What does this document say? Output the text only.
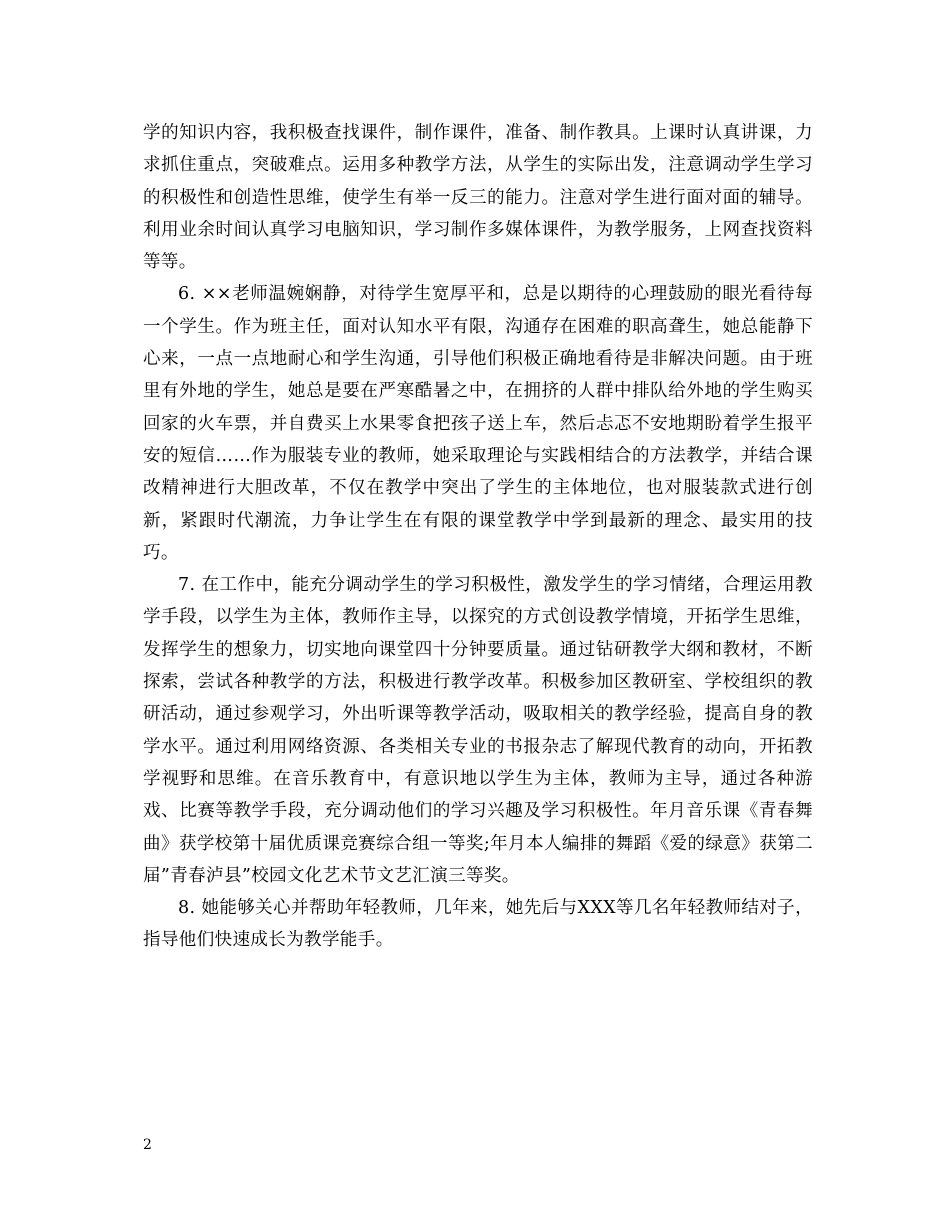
学的知识内容，我积极查找课件，制作课件，准备、制作教具。上课时认真讲课，力求抓住重点，突破难点。运用多种教学方法，从学生的实际出发，注意调动学生学习的积极性和创造性思维，使学生有举一反三的能力。注意对学生进行面对面的辅导。利用业余时间认真学习电脑知识，学习制作多媒体课件，为教学服务，上网查找资料等等。

6. ××老师温婉娴静，对待学生宽厚平和，总是以期待的心理鼓励的眼光看待每一个学生。作为班主任，面对认知水平有限，沟通存在困难的职高聋生，她总能静下心来，一点一点地耐心和学生沟通，引导他们积极正确地看待是非解决问题。由于班里有外地的学生，她总是要在严寒酷暑之中，在拥挤的人群中排队给外地的学生购买回家的火车票，并自费买上水果零食把孩子送上车，然后忐忑不安地期盼着学生报平安的短信……作为服装专业的教师，她采取理论与实践相结合的方法教学，并结合课改精神进行大胆改革，不仅在教学中突出了学生的主体地位，也对服装款式进行创新，紧跟时代潮流，力争让学生在有限的课堂教学中学到最新的理念、最实用的技巧。

7. 在工作中，能充分调动学生的学习积极性，激发学生的学习情绪，合理运用教学手段，以学生为主体，教师作主导，以探究的方式创设教学情境，开拓学生思维，发挥学生的想象力，切实地向课堂四十分钟要质量。通过钻研教学大纲和教材，不断探索，尝试各种教学的方法，积极进行教学改革。积极参加区教研室、学校组织的教研活动，通过参观学习，外出听课等教学活动，吸取相关的教学经验，提高自身的教学水平。通过利用网络资源、各类相关专业的书报杂志了解现代教育的动向，开拓教学视野和思维。在音乐教育中，有意识地以学生为主体，教师为主导，通过各种游戏、比赛等教学手段，充分调动他们的学习兴趣及学习积极性。年月音乐课《青春舞曲》获学校第十届优质课竞赛综合组一等奖;年月本人编排的舞蹈《爱的绿意》获第二届”青春泸县”校园文化艺术节文艺汇演三等奖。

8. 她能够关心并帮助年轻教师，几年来，她先后与XXX等几名年轻教师结对子，指导他们快速成长为教学能手。

2
